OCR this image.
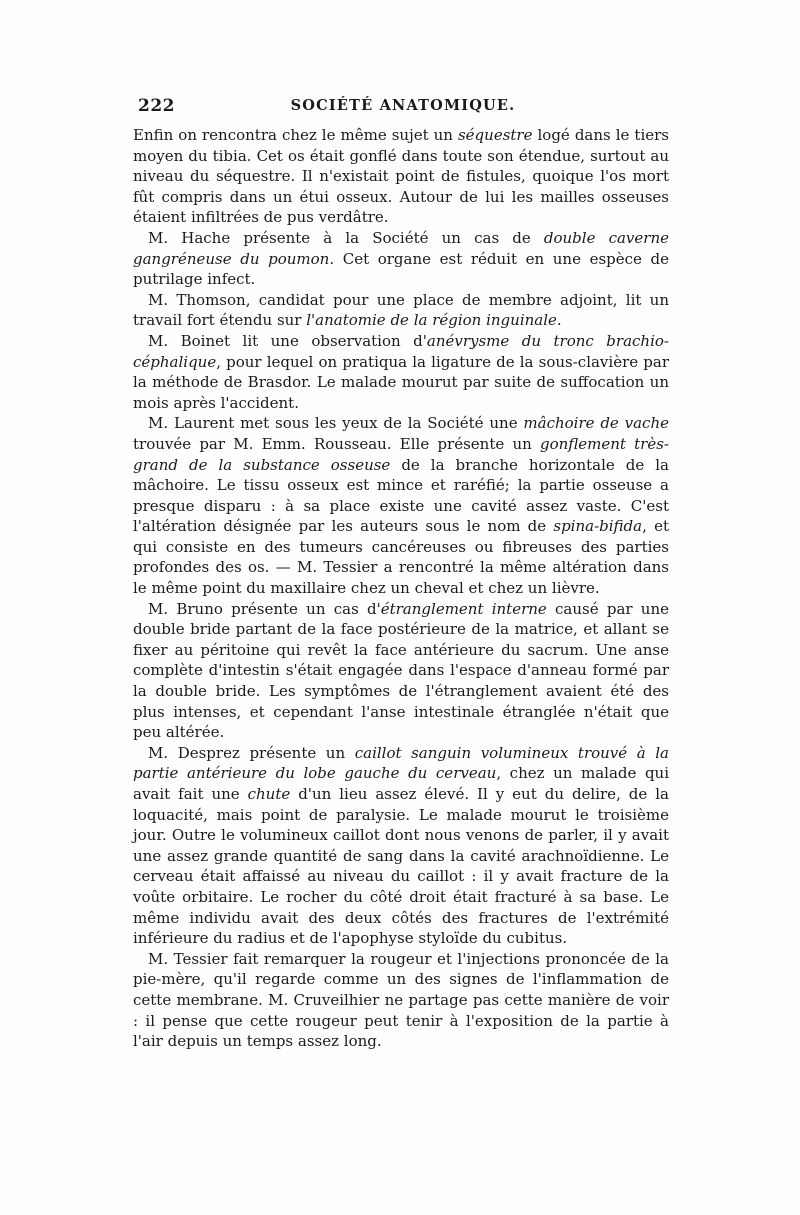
222	SOCIÉTÉ ANATOMIQUE.

Enfin on rencontra chez le même sujet un séquestre logé dans le tiers moyen du tibia. Cet os était gonflé dans toute son étendue, surtout au niveau du séquestre. Il n'existait point de fistules, quoique l'os mort fût compris dans un étui osseux. Autour de lui les mailles osseuses étaient infiltrées de pus verdâtre.

M. Hache présente à la Société un cas de double caverne gangréneuse du poumon. Cet organe est réduit en une espèce de putrilage infect.

M. Thomson, candidat pour une place de membre adjoint, lit un travail fort étendu sur l'anatomie de la région inguinale.

M. Boinet lit une observation d'anévrysme du tronc brachio-céphalique, pour lequel on pratiqua la ligature de la sous-clavière par la méthode de Brasdor. Le malade mourut par suite de suffocation un mois après l'accident.

M. Laurent met sous les yeux de la Société une mâchoire de vache trouvée par M. Emm. Rousseau. Elle présente un gonflement très-grand de la substance osseuse de la branche horizontale de la mâchoire. Le tissu osseux est mince et raréfié; la partie osseuse a presque disparu : à sa place existe une cavité assez vaste. C'est l'altération désignée par les auteurs sous le nom de spina-bifida, et qui consiste en des tumeurs cancéreuses ou fibreuses des parties profondes des os. — M. Tessier a rencontré la même altération dans le même point du maxillaire chez un cheval et chez un lièvre.

M. Bruno présente un cas d'étranglement interne causé par une double bride partant de la face postérieure de la matrice, et allant se fixer au péritoine qui revêt la face antérieure du sacrum. Une anse complète d'intestin s'était engagée dans l'espace d'anneau formé par la double bride. Les symptômes de l'étranglement avaient été des plus intenses, et cependant l'anse intestinale étranglée n'était que peu altérée.

M. Desprez présente un caillot sanguin volumineux trouvé à la partie antérieure du lobe gauche du cerveau, chez un malade qui avait fait une chute d'un lieu assez élevé. Il y eut du delire, de la loquacité, mais point de paralysie. Le malade mourut le troisième jour. Outre le volumineux caillot dont nous venons de parler, il y avait une assez grande quantité de sang dans la cavité arachnoïdienne. Le cerveau était affaissé au niveau du caillot : il y avait fracture de la voûte orbitaire. Le rocher du côté droit était fracturé à sa base. Le même individu avait des deux côtés des fractures de l'extrémité inférieure du radius et de l'apophyse styloïde du cubitus.

M. Tessier fait remarquer la rougeur et l'injections prononcée de la pie-mère, qu'il regarde comme un des signes de l'inflammation de cette membrane. M. Cruveilhier ne partage pas cette manière de voir : il pense que cette rougeur peut tenir à l'exposition de la partie à l'air depuis un temps assez long.
